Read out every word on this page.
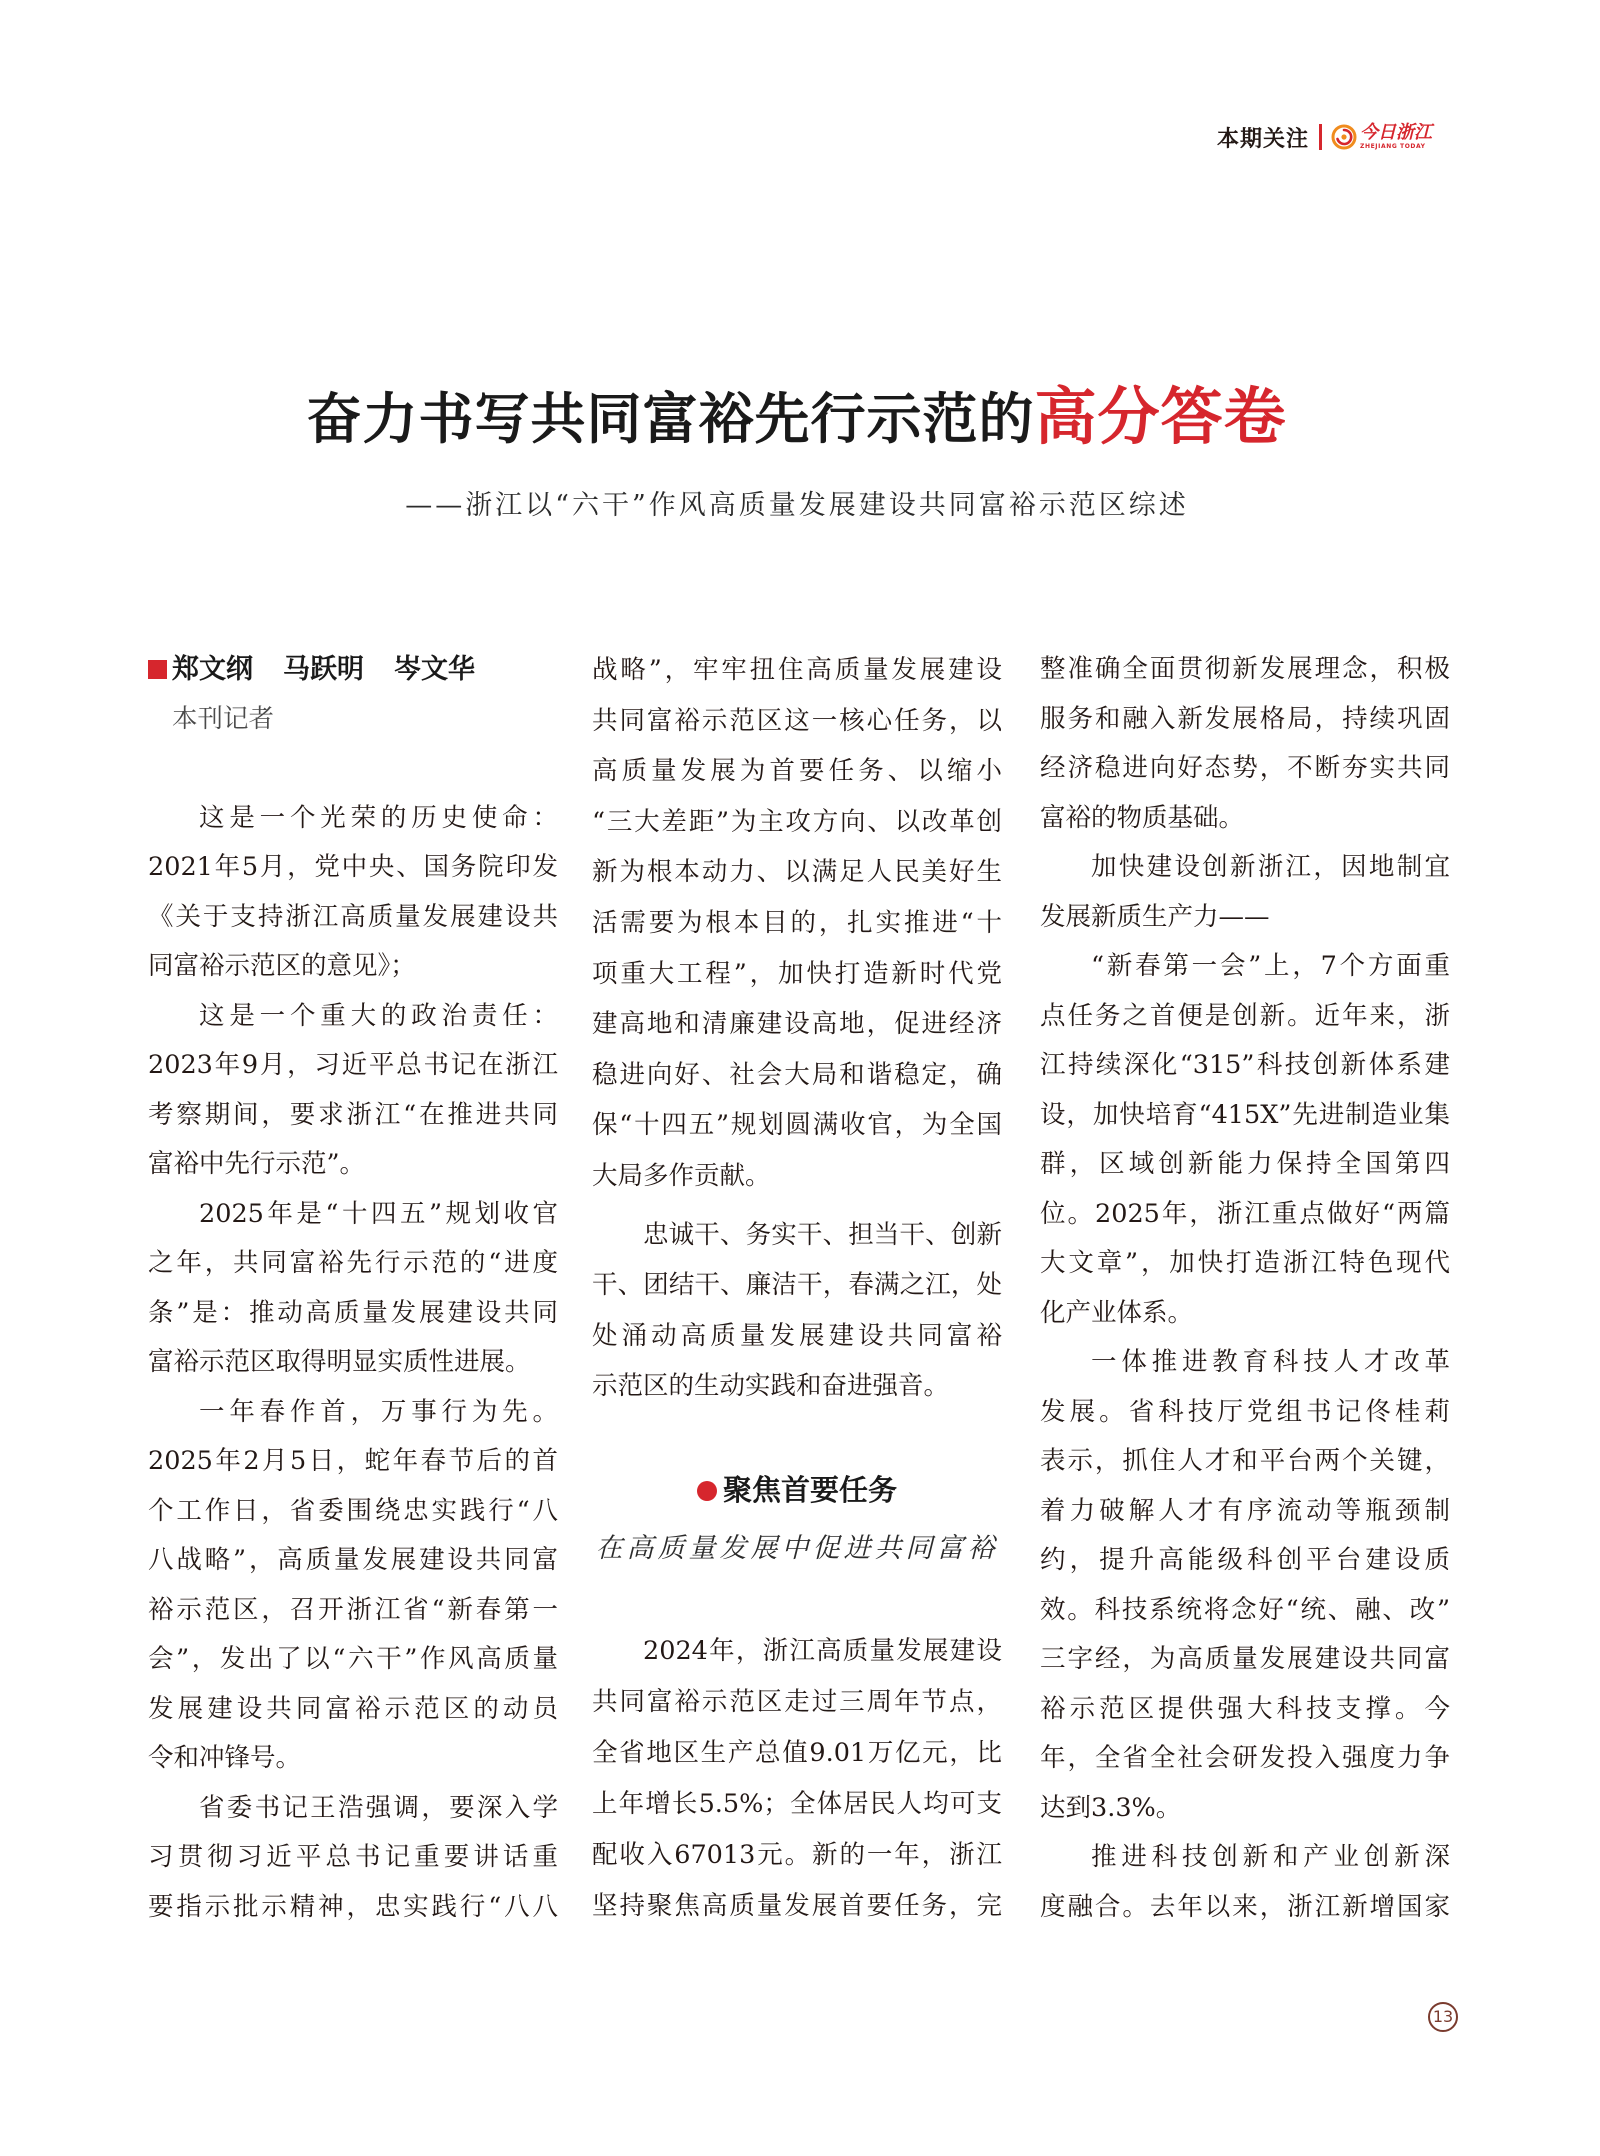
本期关注	今日浙江
ZHEJIANG TODAY
奋力书写共同富裕先行示范的高分答卷
——浙江以“六干”作风高质量发展建设共同富裕示范区综述
郑文纲 马跃明 岑文华
本刊记者
这是一个光荣的历史使命：
2021年5月，党中央、国务院印发
《关于支持浙江高质量发展建设共
同富裕示范区的意见》；
这是一个重大的政治责任：
2023年9月，习近平总书记在浙江
考察期间，要求浙江“在推进共同
富裕中先行示范”。
2025年是“十四五”规划收官
之年，共同富裕先行示范的“进度
条”是：推动高质量发展建设共同
富裕示范区取得明显实质性进展。
一年春作首，万事行为先。
2025年2月5日，蛇年春节后的首
个工作日，省委围绕忠实践行“八
八战略”，高质量发展建设共同富
裕示范区，召开浙江省“新春第一
会”，发出了以“六干”作风高质量
发展建设共同富裕示范区的动员
令和冲锋号。
省委书记王浩强调，要深入学
习贯彻习近平总书记重要讲话重
要指示批示精神，忠实践行“八八
战略”，牢牢扭住高质量发展建设
共同富裕示范区这一核心任务，以
高质量发展为首要任务、以缩小
“三大差距”为主攻方向、以改革创
新为根本动力、以满足人民美好生
活需要为根本目的，扎实推进“十
项重大工程”，加快打造新时代党
建高地和清廉建设高地，促进经济
稳进向好、社会大局和谐稳定，确
保“十四五”规划圆满收官，为全国
大局多作贡献。
忠诚干、务实干、担当干、创新
干、团结干、廉洁干，春满之江，处
处涌动高质量发展建设共同富裕
示范区的生动实践和奋进强音。
聚焦首要任务
在高质量发展中促进共同富裕
2024年，浙江高质量发展建设
共同富裕示范区走过三周年节点，
全省地区生产总值9.01万亿元，比
上年增长5.5%；全体居民人均可支
配收入67013元。新的一年，浙江
坚持聚焦高质量发展首要任务，完
整准确全面贯彻新发展理念，积极
服务和融入新发展格局，持续巩固
经济稳进向好态势，不断夯实共同
富裕的物质基础。
加快建设创新浙江，因地制宜
发展新质生产力——
“新春第一会”上，7个方面重
点任务之首便是创新。近年来，浙
江持续深化“315”科技创新体系建
设，加快培育“415X”先进制造业集
群，区域创新能力保持全国第四
位。2025年，浙江重点做好“两篇
大文章”，加快打造浙江特色现代
化产业体系。
一体推进教育科技人才改革
发展。省科技厅党组书记佟桂莉
表示，抓住人才和平台两个关键，
着力破解人才有序流动等瓶颈制
约，提升高能级科创平台建设质
效。科技系统将念好“统、融、改”
三字经，为高质量发展建设共同富
裕示范区提供强大科技支撑。今
年，全省全社会研发投入强度力争
达到3.3%。
推进科技创新和产业创新深
度融合。去年以来，浙江新增国家
13
